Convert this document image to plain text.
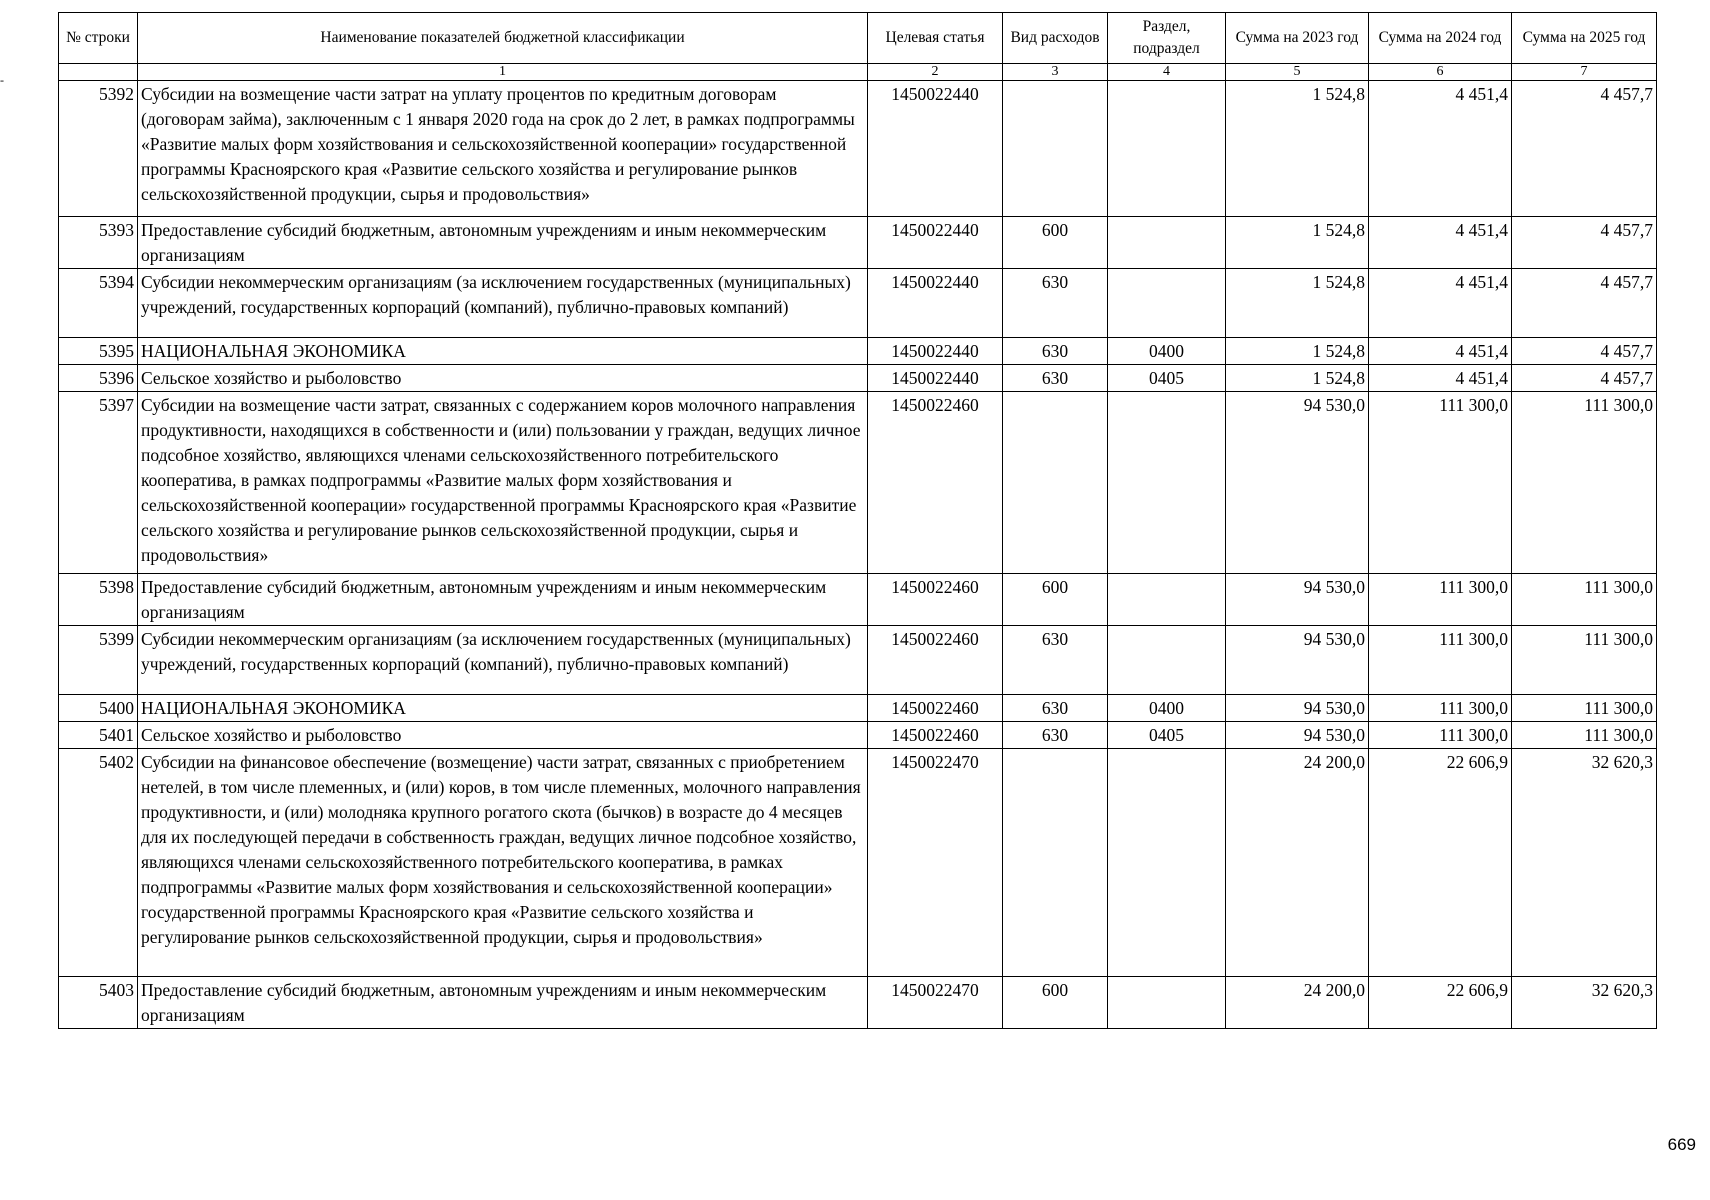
-
№ строки	Наименование показателей бюджетной классификации	Целевая статья	Вид расходов	Раздел, подраздел	Сумма на 2023 год	Сумма на 2024 год	Сумма на 2025 год
	1	2	3	4	5	6	7
5392	Субсидии на возмещение части затрат на уплату процентов по кредитным договорам (договорам займа), заключенным с 1 января 2020 года на срок до 2 лет, в рамках подпрограммы «Развитие малых форм хозяйствования и сельскохозяйственной кооперации» государственной программы Красноярского края «Развитие сельского хозяйства и регулирование рынков сельскохозяйственной продукции, сырья и продовольствия»	1450022440			1 524,8	4 451,4	4 457,7
5393	Предоставление субсидий бюджетным, автономным учреждениям и иным некоммерческим организациям	1450022440	600		1 524,8	4 451,4	4 457,7
5394	Субсидии некоммерческим организациям (за исключением государственных (муниципальных) учреждений, государственных корпораций (компаний), публично-правовых компаний)	1450022440	630		1 524,8	4 451,4	4 457,7
5395	НАЦИОНАЛЬНАЯ ЭКОНОМИКА	1450022440	630	0400	1 524,8	4 451,4	4 457,7
5396	Сельское хозяйство и рыболовство	1450022440	630	0405	1 524,8	4 451,4	4 457,7
5397	Субсидии на возмещение части затрат, связанных с содержанием коров молочного направления продуктивности, находящихся в собственности и (или) пользовании у граждан, ведущих личное подсобное хозяйство, являющихся членами сельскохозяйственного потребительского кооператива, в рамках подпрограммы «Развитие малых форм хозяйствования и сельскохозяйственной кооперации» государственной программы Красноярского края «Развитие сельского хозяйства и регулирование рынков сельскохозяйственной продукции, сырья и продовольствия»	1450022460			94 530,0	111 300,0	111 300,0
5398	Предоставление субсидий бюджетным, автономным учреждениям и иным некоммерческим организациям	1450022460	600		94 530,0	111 300,0	111 300,0
5399	Субсидии некоммерческим организациям (за исключением государственных (муниципальных) учреждений, государственных корпораций (компаний), публично-правовых компаний)	1450022460	630		94 530,0	111 300,0	111 300,0
5400	НАЦИОНАЛЬНАЯ ЭКОНОМИКА	1450022460	630	0400	94 530,0	111 300,0	111 300,0
5401	Сельское хозяйство и рыболовство	1450022460	630	0405	94 530,0	111 300,0	111 300,0
5402	Субсидии на финансовое обеспечение (возмещение) части затрат, связанных с приобретением нетелей, в том числе племенных, и (или) коров, в том числе племенных, молочного направления продуктивности, и (или) молодняка крупного рогатого скота (бычков) в возрасте до 4 месяцев для их последующей передачи в собственность граждан, ведущих личное подсобное хозяйство, являющихся членами сельскохозяйственного потребительского кооператива, в рамках подпрограммы «Развитие малых форм хозяйствования и сельскохозяйственной кооперации» государственной программы Красноярского края «Развитие сельского хозяйства и регулирование рынков сельскохозяйственной продукции, сырья и продовольствия»	1450022470			24 200,0	22 606,9	32 620,3
5403	Предоставление субсидий бюджетным, автономным учреждениям и иным некоммерческим организациям	1450022470	600		24 200,0	22 606,9	32 620,3
669
